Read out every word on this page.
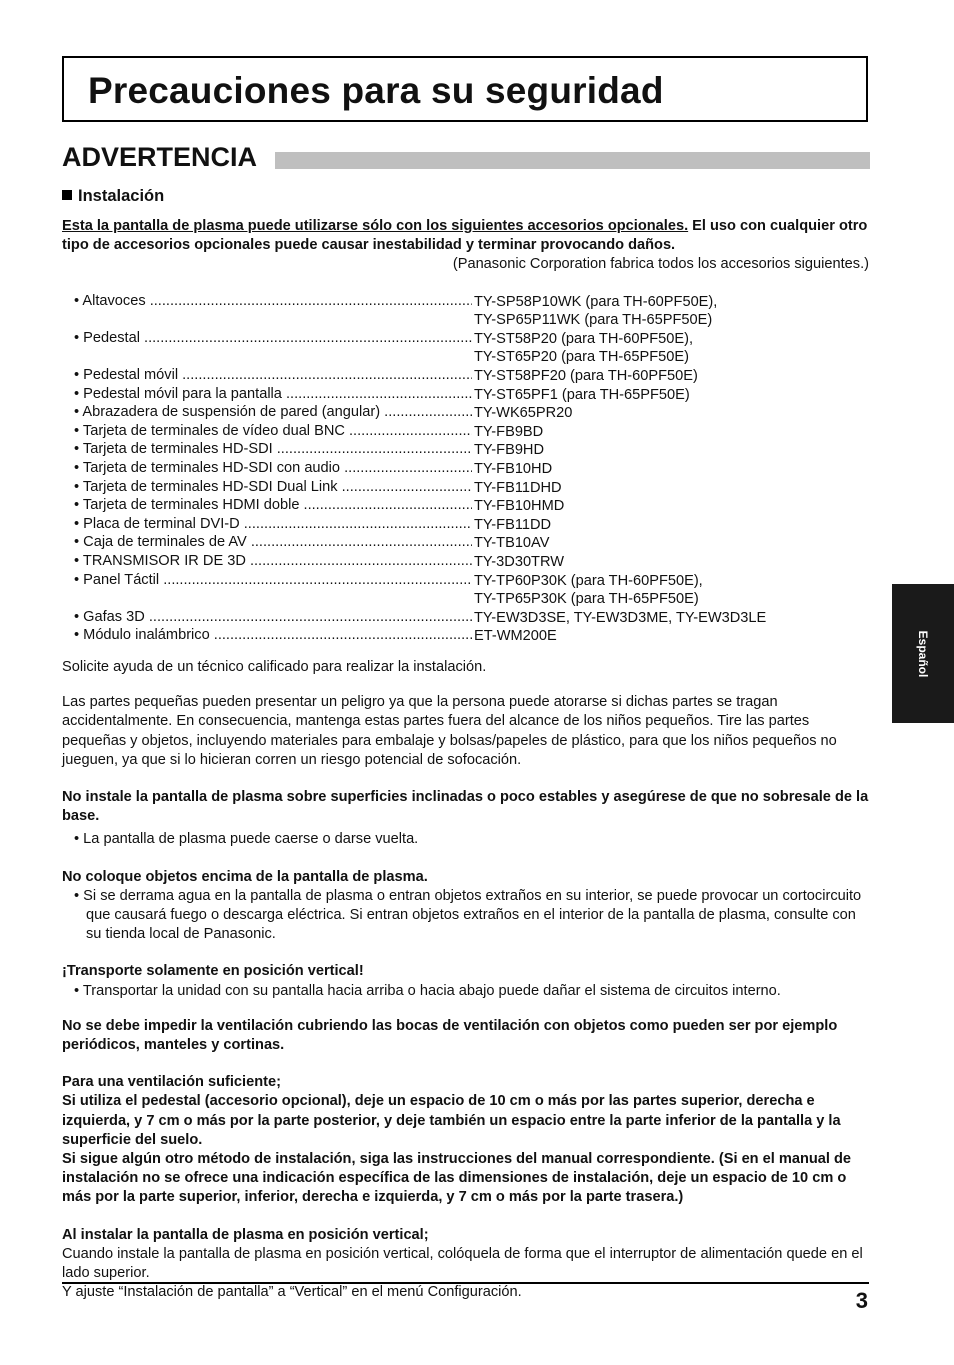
Precauciones para su seguridad
ADVERTENCIA
Instalación

Esta la pantalla de plasma puede utilizarse sólo con los siguientes accesorios opcionales. El uso con cualquier otro tipo de accesorios opcionales puede causar inestabilidad y terminar provocando daños.

(Panasonic Corporation fabrica todos los accesorios siguientes.)

• Altavoces .....	TY-SP58P10WK (para TH-60PF50E),
TY-SP65P11WK (para TH-65PF50E)
• Pedestal .....	TY-ST58P20 (para TH-60PF50E),
TY-ST65P20 (para TH-65PF50E)
• Pedestal móvil .....	TY-ST58PF20 (para TH-60PF50E)
• Pedestal móvil para la pantalla .....	TY-ST65PF1 (para TH-65PF50E)
• Abrazadera de suspensión de pared (angular) .....	TY-WK65PR20
• Tarjeta de terminales de vídeo dual BNC .....	TY-FB9BD
• Tarjeta de terminales HD-SDI .....	TY-FB9HD
• Tarjeta de terminales HD-SDI con audio .....	TY-FB10HD
• Tarjeta de terminales HD-SDI Dual Link .....	TY-FB11DHD
• Tarjeta de terminales HDMI doble .....	TY-FB10HMD
• Placa de terminal DVI-D .....	TY-FB11DD
• Caja de terminales de AV .....	TY-TB10AV
• TRANSMISOR IR DE 3D .....	TY-3D30TRW
• Panel Táctil .....	TY-TP60P30K (para TH-60PF50E),
TY-TP65P30K (para TH-65PF50E)
• Gafas 3D .....	TY-EW3D3SE, TY-EW3D3ME, TY-EW3D3LE
• Módulo inalámbrico .....	ET-WM200E

Solicite ayuda de un técnico calificado para realizar la instalación.

Las partes pequeñas pueden presentar un peligro ya que la persona puede atorarse si dichas partes se tragan accidentalmente. En consecuencia, mantenga estas partes fuera del alcance de los niños pequeños. Tire las partes pequeñas y objetos, incluyendo materiales para embalaje y bolsas/papeles de plástico, para que los niños pequeños no jueguen, ya que si lo hicieran corren un riesgo potencial de sofocación.

No instale la pantalla de plasma sobre superficies inclinadas o poco estables y asegúrese de que no sobresale de la base.

• La pantalla de plasma puede caerse o darse vuelta.

No coloque objetos encima de la pantalla de plasma.

• Si se derrama agua en la pantalla de plasma o entran objetos extraños en su interior, se puede provocar un cortocircuito que causará fuego o descarga eléctrica. Si entran objetos extraños en el interior de la pantalla de plasma, consulte con su tienda local de Panasonic.

¡Transporte solamente en posición vertical!

• Transportar la unidad con su pantalla hacia arriba o hacia abajo puede dañar el sistema de circuitos interno.

No se debe impedir la ventilación cubriendo las bocas de ventilación con objetos como pueden ser por ejemplo periódicos, manteles y cortinas.

Para una ventilación suficiente;

Si utiliza el pedestal (accesorio opcional), deje un espacio de 10 cm o más por las partes superior, derecha e izquierda, y 7 cm o más por la parte posterior, y deje también un espacio entre la parte inferior de la pantalla y la superficie del suelo.

Si sigue algún otro método de instalación, siga las instrucciones del manual correspondiente. (Si en el manual de instalación no se ofrece una indicación específica de las dimensiones de instalación, deje un espacio de 10 cm o más por la parte superior, inferior, derecha e izquierda, y 7 cm o más por la parte trasera.)

Al instalar la pantalla de plasma en posición vertical;

Cuando instale la pantalla de plasma en posición vertical, colóquela de forma que el interruptor de alimentación quede en el lado superior.

Y ajuste “Instalación de pantalla” a “Vertical” en el menú Configuración.	3
Español
